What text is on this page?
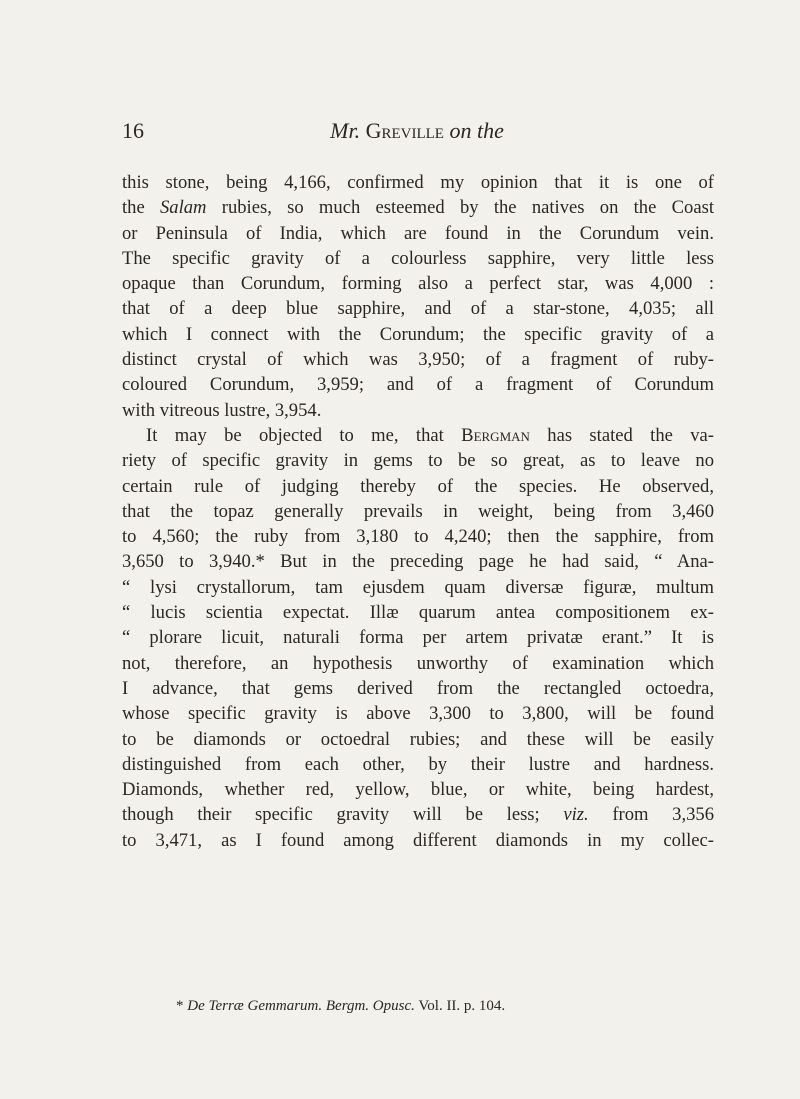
16	Mr. Greville on the
this stone, being 4,166, confirmed my opinion that it is one of
the Salam rubies, so much esteemed by the natives on the Coast
or Peninsula of India, which are found in the Corundum vein.
The specific gravity of a colourless sapphire, very little less
opaque than Corundum, forming also a perfect star, was 4,000 :
that of a deep blue sapphire, and of a star-stone, 4,035; all
which I connect with the Corundum; the specific gravity of a
distinct crystal of which was 3,950; of a fragment of ruby-
coloured Corundum, 3,959; and of a fragment of Corundum
with vitreous lustre, 3,954.
It may be objected to me, that Bergman has stated the va-
riety of specific gravity in gems to be so great, as to leave no
certain rule of judging thereby of the species. He observed,
that the topaz generally prevails in weight, being from 3,460
to 4,560; the ruby from 3,180 to 4,240; then the sapphire, from
3,650 to 3,940.* But in the preceding page he had said, “ Ana-
“ lysi crystallorum, tam ejusdem quam diversæ figuræ, multum
“ lucis scientia expectat. Illæ quarum antea compositionem ex-
“ plorare licuit, naturali forma per artem privatæ erant.” It is
not, therefore, an hypothesis unworthy of examination which
I advance, that gems derived from the rectangled octoedra,
whose specific gravity is above 3,300 to 3,800, will be found
to be diamonds or octoedral rubies; and these will be easily
distinguished from each other, by their lustre and hardness.
Diamonds, whether red, yellow, blue, or white, being hardest,
though their specific gravity will be less; viz. from 3,356
to 3,471, as I found among different diamonds in my collec-
* De Terræ Gemmarum. Bergm. Opusc. Vol. II. p. 104.
